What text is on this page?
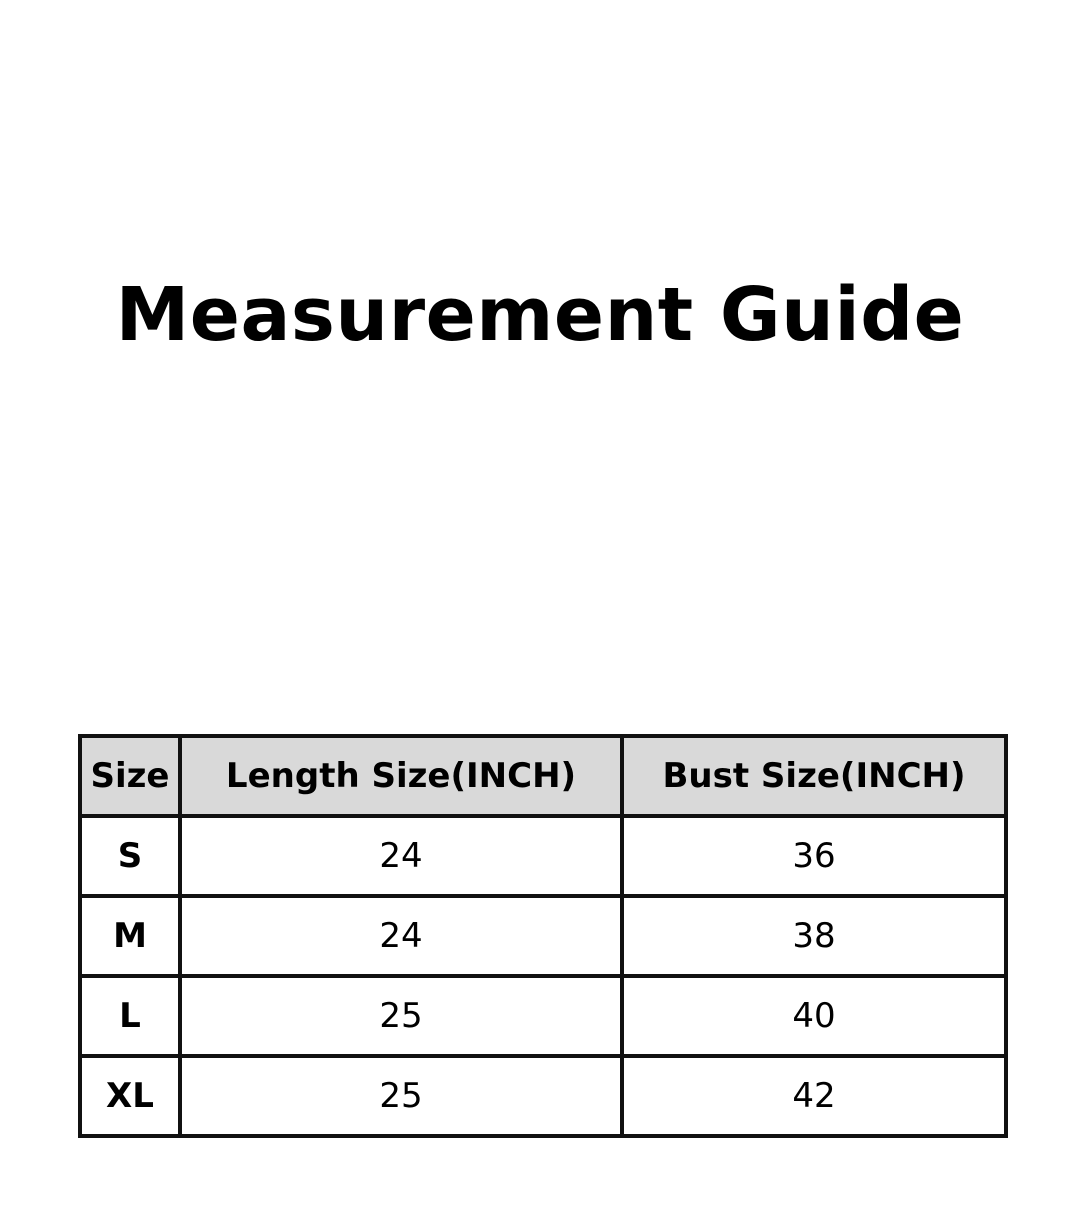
Measurement Guide
Size	Length Size(INCH)	Bust Size(INCH)
S	24	36
M	24	38
L	25	40
XL	25	42
